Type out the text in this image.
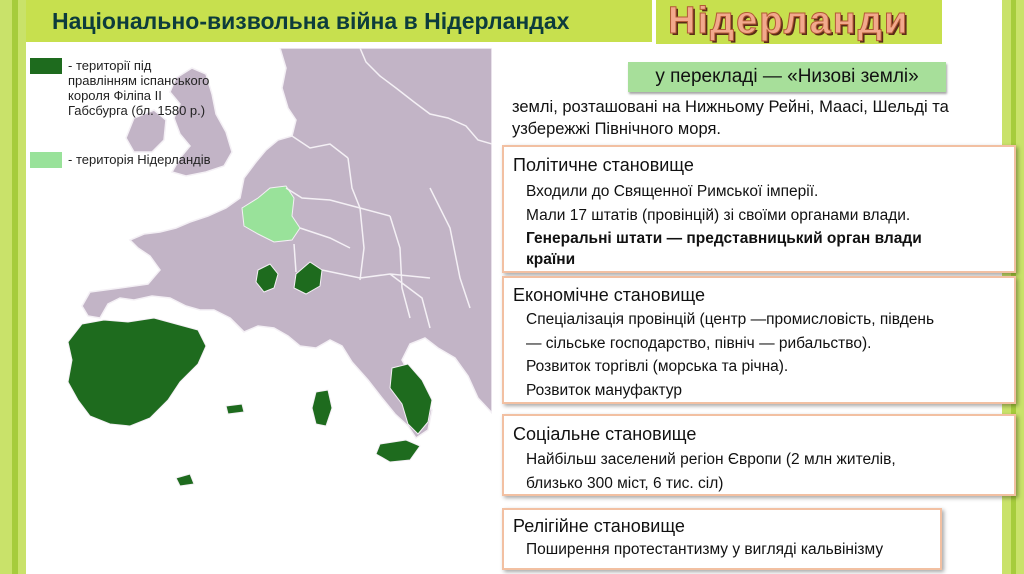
Національно-визвольна війна в Нідерландах	Нідерланди
- території під
правлінням іспанського
короля Філіпа II
Габсбурга (бл. 1580 р.)
- територія Нідерландів
у перекладі — «Низові землі»
землі, розташовані на Нижньому Рейні, Маасі, Шельді та
узбережжі Північного моря.
Політичне становище
Входили до Священної Римської імперії.
Мали 17 штатів (провінцій) зі своїми органами влади.
Генеральні штати — представницький орган влади
країни
Економічне становище
Спеціалізація провінцій (центр —промисловість, південь
— сільське господарство, північ — рибальство).
Розвиток торгівлі (морська та річна).
Розвиток мануфактур
Соціальне становище
Найбільш заселений регіон Європи (2 млн жителів,
близько 300 міст, 6 тис. сіл)
Релігійне становище
Поширення протестантизму у вигляді кальвінізму
